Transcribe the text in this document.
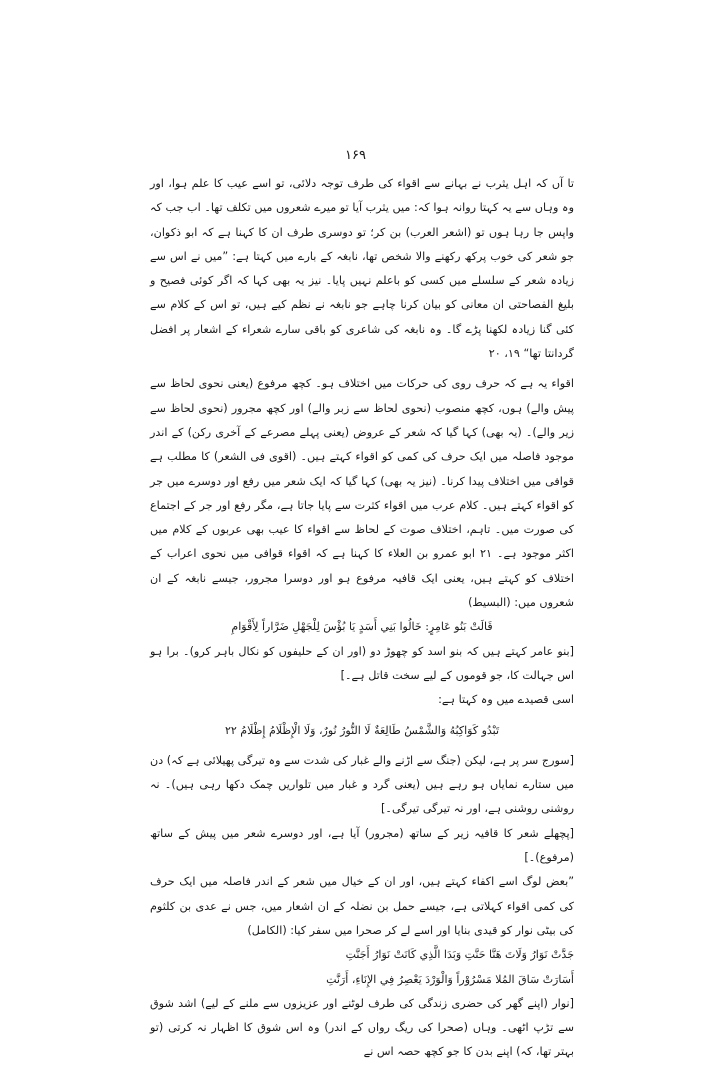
۱۶۹

تا آں کہ اہل یثرب نے بہانے سے اقواء کی طرف توجہ دلائی، تو اسے عیب کا علم ہوا، اور وہ وہاں سے یہ کہتا روانہ ہوا کہ: میں یثرب آیا تو میرے شعروں میں تکلف تھا۔ اب جب کہ واپس جا رہا ہوں تو (اشعر العرب) بن کر؛ تو دوسری طرف ان کا کہنا ہے کہ ابو ذکوان، جو شعر کی خوب پرکھ رکھنے والا شخص تھا، نابغہ کے بارے میں کہتا ہے: ”میں نے اس سے زیادہ شعر کے سلسلے میں کسی کو باعلم نہیں پایا۔ نیز یہ بھی کہا کہ اگر کوئی فصیح و بلیغ الفصاحتی ان معانی کو بیان کرنا چاہے جو نابغہ نے نظم کیے ہیں، تو اس کے کلام سے کئی گنا زیادہ لکھنا پڑے گا۔ وہ نابغہ کی شاعری کو باقی سارے شعراء کے اشعار پر افضل گردانتا تھا“ ۱۹، ۲۰

اقواء یہ ہے کہ حرف روی کی حرکات میں اختلاف ہو۔ کچھ مرفوع (یعنی نحوی لحاظ سے پیش والے) ہوں، کچھ منصوب (نحوی لحاظ سے زبر والے) اور کچھ مجرور (نحوی لحاظ سے زیر والے)۔ (یہ بھی) کہا گیا کہ شعر کے عروض (یعنی پہلے مصرعے کے آخری رکن) کے اندر موجود فاصلہ میں ایک حرف کی کمی کو اقواء کہتے ہیں۔ (اقوی فی الشعر) کا مطلب ہے قوافی میں اختلاف پیدا کرنا۔ (نیز یہ بھی) کہا گیا کہ ایک شعر میں رفع اور دوسرے میں جر کو اقواء کہتے ہیں۔ کلام عرب میں اقواء کثرت سے پایا جاتا ہے، مگر رفع اور جر کے اجتماع کی صورت میں۔ تاہم، اختلاف صوت کے لحاظ سے اقواء کا عیب بھی عربوں کے کلام میں اکثر موجود ہے۔ ۲۱ ابو عمرو بن العلاء کا کہنا ہے کہ اقواء قوافی میں نحوی اعراب کے اختلاف کو کہتے ہیں، یعنی ایک قافیہ مرفوع ہو اور دوسرا مجرور، جیسے نابغہ کے ان شعروں میں: (البسیط)

قَالَتْ بَنُو عَامِرٍ: خَالُوا بَنِي أَسَدٍ يَا بُؤْسَ لِلْجَهْلِ ضَرَّاراً لِأَقْوَامِ

[بنو عامر کہتے ہیں کہ بنو اسد کو چھوڑ دو (اور ان کے حلیفوں کو نکال باہر کرو)۔ برا ہو اس جہالت کا، جو قوموں کے لیے سخت قاتل ہے۔]

اسی قصیدے میں وہ کہتا ہے:

تَبْدُو كَوَاكِبُهُ وَالشَّمْسُ طَالِعَةٌ لَا النُّورُ نُورٌ، وَلَا الْإِظْلَامُ إِظْلَامُ ۲۲

[سورج سر پر ہے، لیکن (جنگ سے اڑنے والے غبار کی شدت سے وہ تیرگی پھیلائی ہے کہ) دن میں ستارے نمایاں ہو رہے ہیں (یعنی گرد و غبار میں تلواریں چمک دکھا رہی ہیں)۔ نہ روشنی روشنی ہے، اور نہ تیرگی تیرگی۔]

[پچھلے شعر کا قافیہ زیر کے ساتھ (مجرور) آیا ہے، اور دوسرے شعر میں پیش کے ساتھ (مرفوع)۔]

”بعض لوگ اسے اکفاء کہتے ہیں، اور ان کے خیال میں شعر کے اندر فاصلہ میں ایک حرف کی کمی اقواء کہلاتی ہے، جیسے حمل بن نضلہ کے ان اشعار میں، جس نے عدی بن کلثوم کی بیٹی نوار کو قیدی بنایا اور اسے لے کر صحرا میں سفر کیا: (الکامل)

جَدَّتْ نَوَارُ وَلَاتَ هَنَّا حَنَّتِ وَبَدَا الَّذِي كَانَتْ نَوَارُ أَجَنَّتِ

أَسَارَتْ سَاقَ المُلا مَسْرُوْراً وَالْوَرْدَ يَعْصِرُ فِي الإِنَاءِ، أَرَنَّتِ

[نوار (اپنے گھر کی حضری زندگی کی طرف لوٹنے اور عزیزوں سے ملنے کے لیے) اشد شوق سے تڑپ اٹھی۔ وہاں (صحرا کی ریگ رواں کے اندر) وہ اس شوق کا اظہار نہ کرتی (تو بہتر تھا، کہ) اپنے بدن کا جو کچھ حصہ اس نے
